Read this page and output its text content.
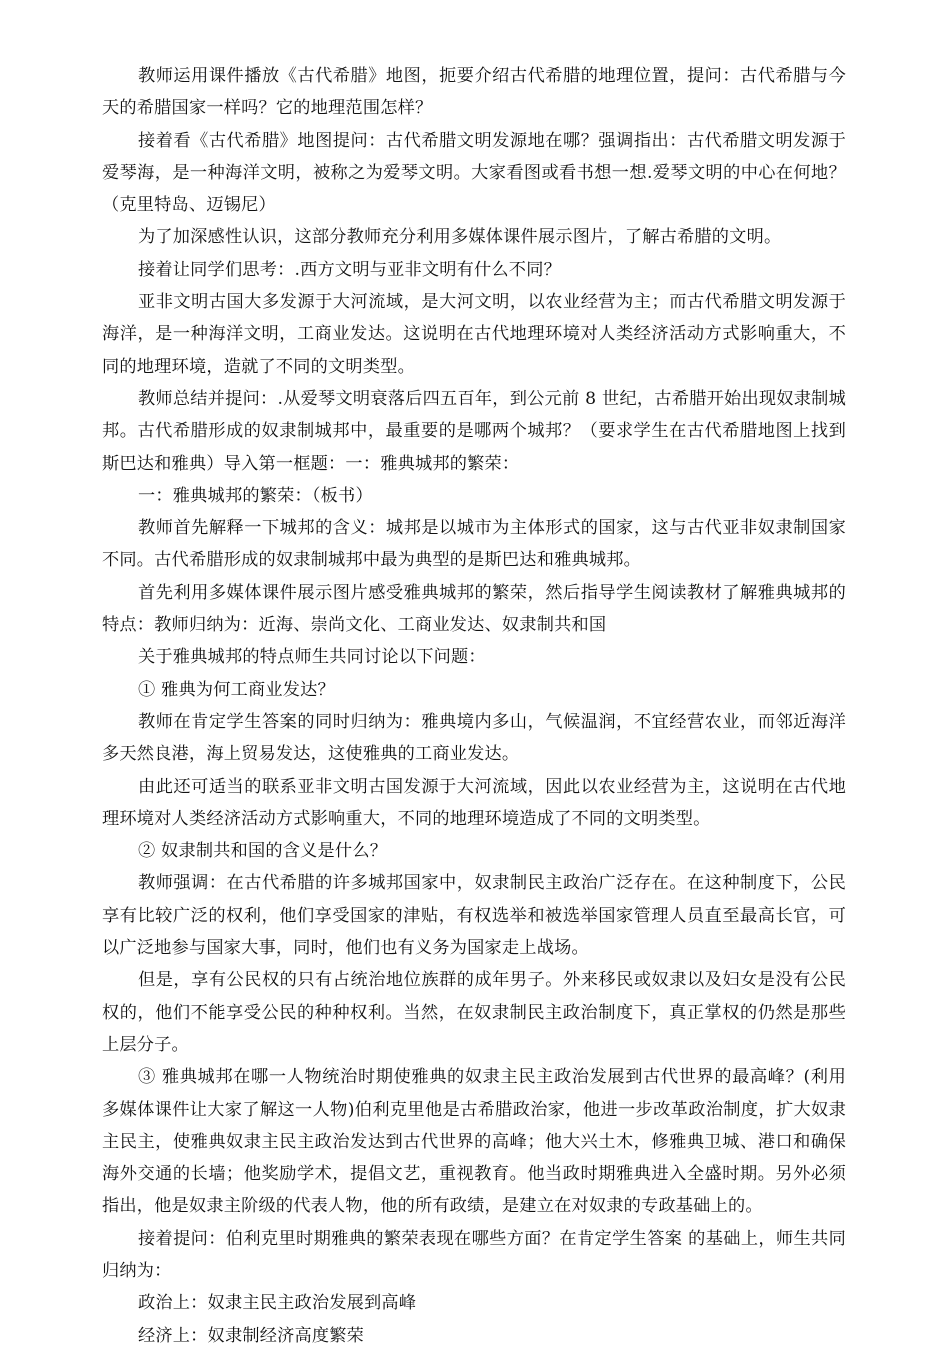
教师运用课件播放《古代希腊》地图，扼要介绍古代希腊的地理位置，提问：古代希腊与今天的希腊国家一样吗？它的地理范围怎样？

接着看《古代希腊》地图提问：古代希腊文明发源地在哪？强调指出：古代希腊文明发源于爱琴海，是一种海洋文明，被称之为爱琴文明。大家看图或看书想一想.爱琴文明的中心在何地？（克里特岛、迈锡尼）

为了加深感性认识，这部分教师充分利用多媒体课件展示图片，了解古希腊的文明。

接着让同学们思考：.西方文明与亚非文明有什么不同？

亚非文明古国大多发源于大河流域，是大河文明，以农业经营为主；而古代希腊文明发源于海洋，是一种海洋文明，工商业发达。这说明在古代地理环境对人类经济活动方式影响重大，不同的地理环境，造就了不同的文明类型。

教师总结并提问：.从爱琴文明衰落后四五百年，到公元前 8 世纪，古希腊开始出现奴隶制城邦。古代希腊形成的奴隶制城邦中，最重要的是哪两个城邦？（要求学生在古代希腊地图上找到斯巴达和雅典）导入第一框题：一：雅典城邦的繁荣：

一：雅典城邦的繁荣：（板书）

教师首先解释一下城邦的含义：城邦是以城市为主体形式的国家，这与古代亚非奴隶制国家不同。古代希腊形成的奴隶制城邦中最为典型的是斯巴达和雅典城邦。

首先利用多媒体课件展示图片感受雅典城邦的繁荣，然后指导学生阅读教材了解雅典城邦的特点：教师归纳为：近海、崇尚文化、工商业发达、奴隶制共和国

关于雅典城邦的特点师生共同讨论以下问题：

① 雅典为何工商业发达？

教师在肯定学生答案的同时归纳为：雅典境内多山，气候温润，不宜经营农业，而邻近海洋多天然良港，海上贸易发达，这使雅典的工商业发达。

由此还可适当的联系亚非文明古国发源于大河流域，因此以农业经营为主，这说明在古代地理环境对人类经济活动方式影响重大，不同的地理环境造成了不同的文明类型。

② 奴隶制共和国的含义是什么？

教师强调：在古代希腊的许多城邦国家中，奴隶制民主政治广泛存在。在这种制度下，公民享有比较广泛的权利，他们享受国家的津贴，有权选举和被选举国家管理人员直至最高长官，可以广泛地参与国家大事，同时，他们也有义务为国家走上战场。

但是，享有公民权的只有占统治地位族群的成年男子。外来移民或奴隶以及妇女是没有公民权的，他们不能享受公民的种种权利。当然，在奴隶制民主政治制度下，真正掌权的仍然是那些上层分子。

③ 雅典城邦在哪一人物统治时期使雅典的奴隶主民主政治发展到古代世界的最高峰？(利用多媒体课件让大家了解这一人物)伯利克里他是古希腊政治家，他进一步改革政治制度，扩大奴隶主民主，使雅典奴隶主民主政治发达到古代世界的高峰；他大兴土木，修雅典卫城、港口和确保海外交通的长墙；他奖励学术，提倡文艺，重视教育。他当政时期雅典进入全盛时期。另外必须指出，他是奴隶主阶级的代表人物，他的所有政绩，是建立在对奴隶的专政基础上的。

接着提问：伯利克里时期雅典的繁荣表现在哪些方面？在肯定学生答案 的基础上，师生共同归纳为：

政治上：奴隶主民主政治发展到高峰

经济上：奴隶制经济高度繁荣
